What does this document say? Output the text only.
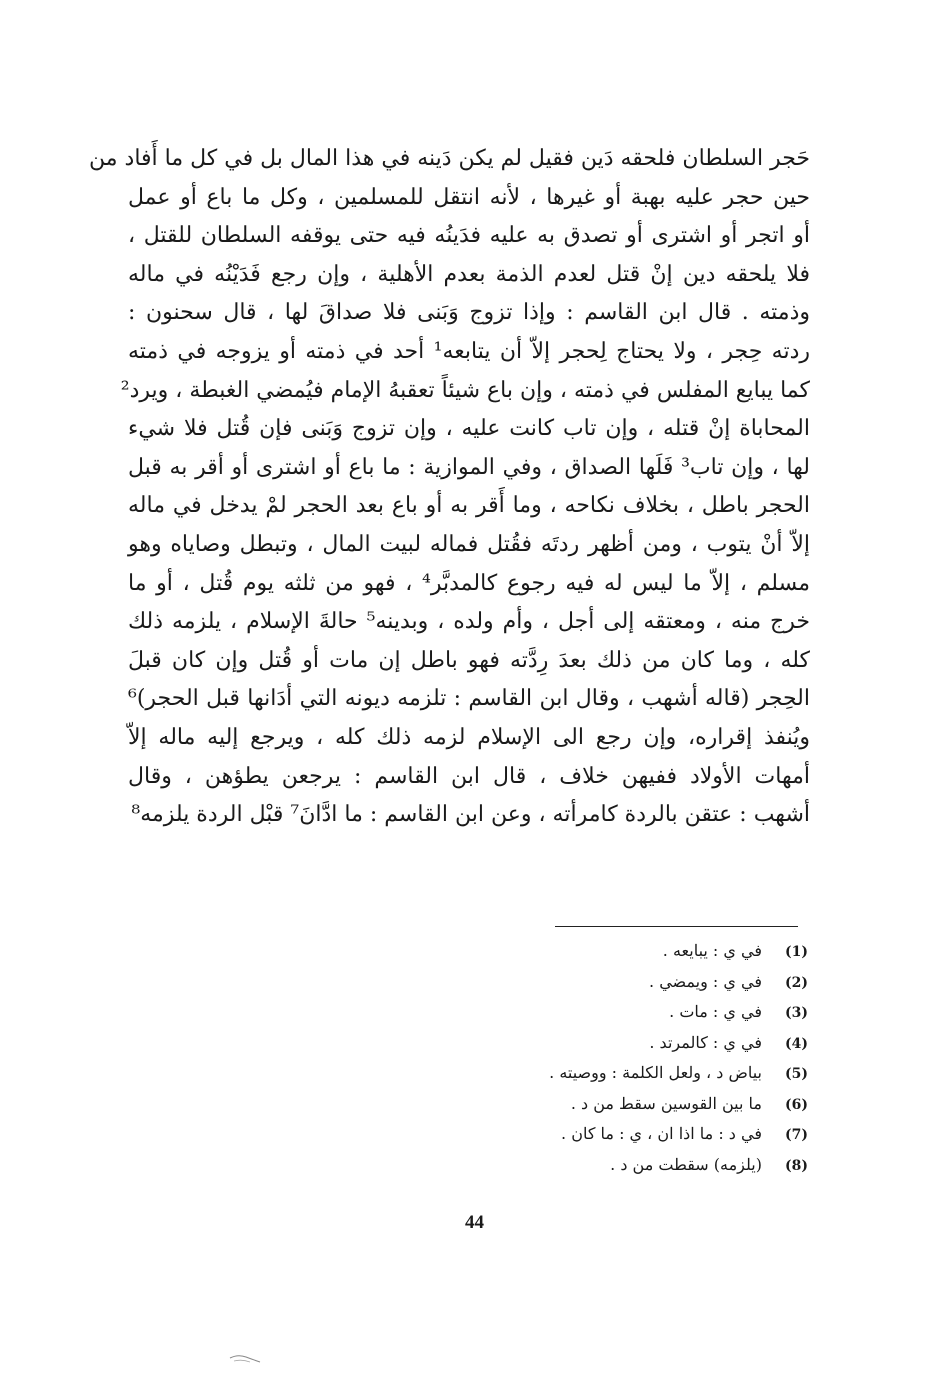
حَجر السلطان فلحقه دَين فقيل لم يكن دَينه في هذا المال بل في كل ما أَفاد من
حين حجر عليه بهبة أو غيرها ، لأنه انتقل للمسلمين ، وكل ما باع أو عمل
أو اتجر أو اشترى أو تصدق به عليه فدَينُه فيه حتى يوقفه السلطان للقتل ،
فلا يلحقه دين إنْ قتل لعدم الذمة بعدم الأهلية ، وإن رجع فَدَيْنُه في ماله
وذمته . قال ابن القاسم : وإذا تزوج وَبَنى فلا صداقَ لها ، قال سحنون :
ردته حِجر ، ولا يحتاج لِحجر إلاّ أن يتابعه¹ أحد في ذمته أو يزوجه في ذمته
كما يبايع المفلس في ذمته ، وإن باع شيئاً تعقبهُ الإمام فيُمضي الغبطة ، ويرد²
المحاباة إنْ قتله ، وإن تاب كانت عليه ، وإن تزوج وَبَنى فإن قُتل فلا شيء
لها ، وإن تاب³ فَلَها الصداق ، وفي الموازية : ما باع أو اشترى أو أقر به قبل
الحجر باطل ، بخلاف نكاحه ، وما أَقر به أو باع بعد الحجر لمْ يدخل في ماله
إلاّ أنْ يتوب ، ومن أظهر ردتَه فقُتل فماله لبيت المال ، وتبطل وصاياه وهو
مسلم ، إلاّ ما ليس له فيه رجوع كالمدبَّر⁴ ، فهو من ثلثه يوم قُتل ، أو ما
خرج منه ، ومعتقه إلى أجل ، وأم ولده ، وبدينه⁵ حالةَ الإسلام ، يلزمه ذلك
كله ، وما كان من ذلك بعدَ رِدَّته فهو باطل إن مات أو قُتل وإن كان قبلَ
الحِجر (قاله أشهب ، وقال ابن القاسم : تلزمه ديونه التي أدَانها قبل الحجر)⁶
ويُنفذ إقراره، وإن رجع الى الإسلام لزمه ذلك كله ، ويرجع إليه ماله إلاّ
أمهات الأولاد ففيهن خلاف ، قال ابن القاسم : يرجعن يطؤهن ، وقال
أشهب : عتقن بالردة كامرأته ، وعن ابن القاسم : ما ادَّانَ⁷ قبْل الردة يلزمه⁸
(1)في ي : يبايعه .
(2)في ي : ويمضي .
(3)في ي : مات .
(4)في ي : كالمرتد .
(5)بياض د ، ولعل الكلمة : ووصيته .
(6)ما بين القوسين سقط من د .
(7)في د : ما اذا ان ، ي : ما كان .
(8)(يلزمه) سقطت من د .
44
